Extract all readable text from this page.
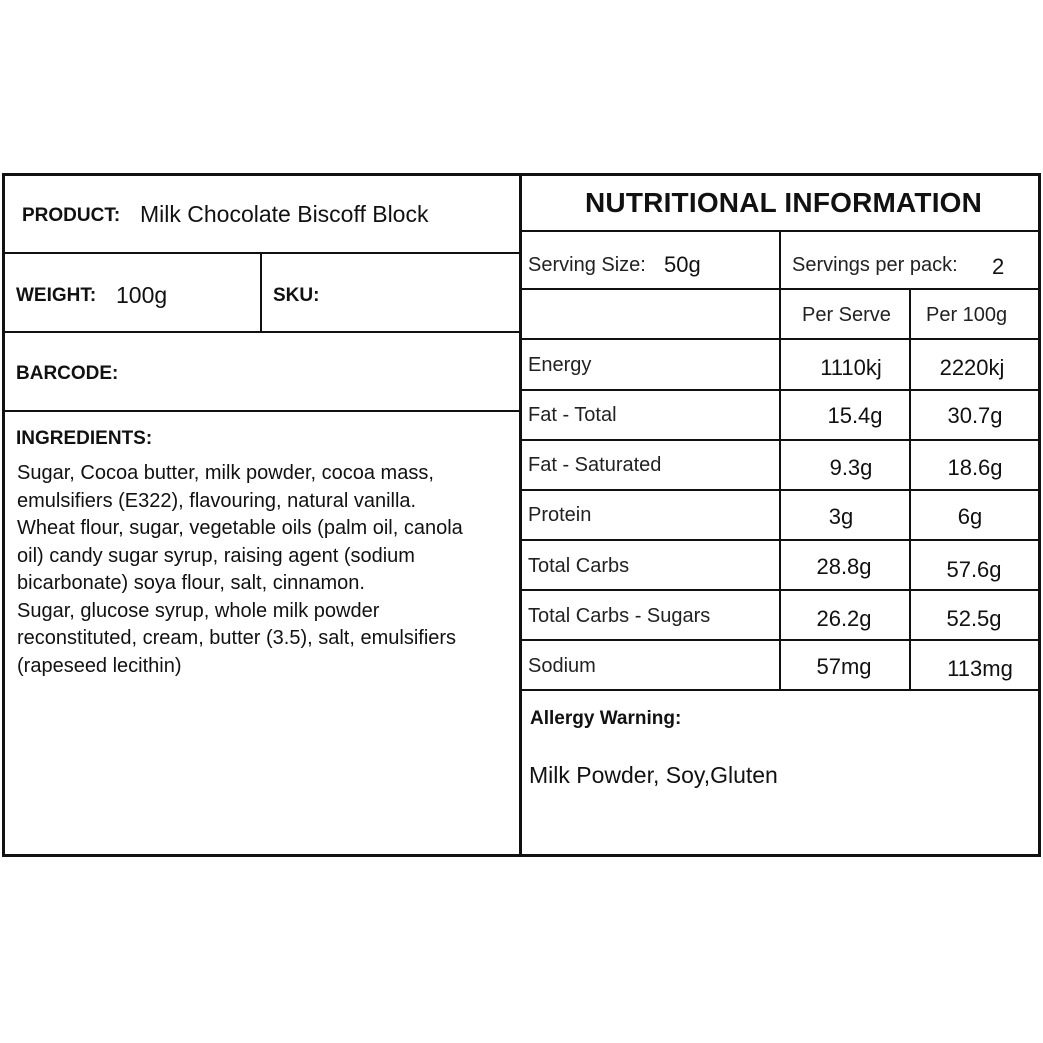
PRODUCT: Milk Chocolate Biscoff Block
WEIGHT: 100g	SKU:
BARCODE:
INGREDIENTS:
Sugar, Cocoa butter, milk powder, cocoa mass,
emulsifiers (E322), flavouring, natural vanilla.
Wheat flour, sugar, vegetable oils (palm oil, canola
oil) candy sugar syrup, raising agent (sodium
bicarbonate) soya flour, salt, cinnamon.
Sugar, glucose syrup, whole milk powder
reconstituted, cream, butter (3.5), salt, emulsifiers
(rapeseed lecithin)
NUTRITIONAL INFORMATION
Serving Size: 50g	Servings per pack: 2
Per Serve Per 100g
Energy	1110kj	2220kj
Fat - Total	15.4g	30.7g
Fat - Saturated	9.3g	18.6g
Protein	3g	6g
Total Carbs	28.8g	57.6g
Total Carbs - Sugars	26.2g	52.5g
Sodium	57mg	113mg
Allergy Warning:
Milk Powder, Soy,Gluten
